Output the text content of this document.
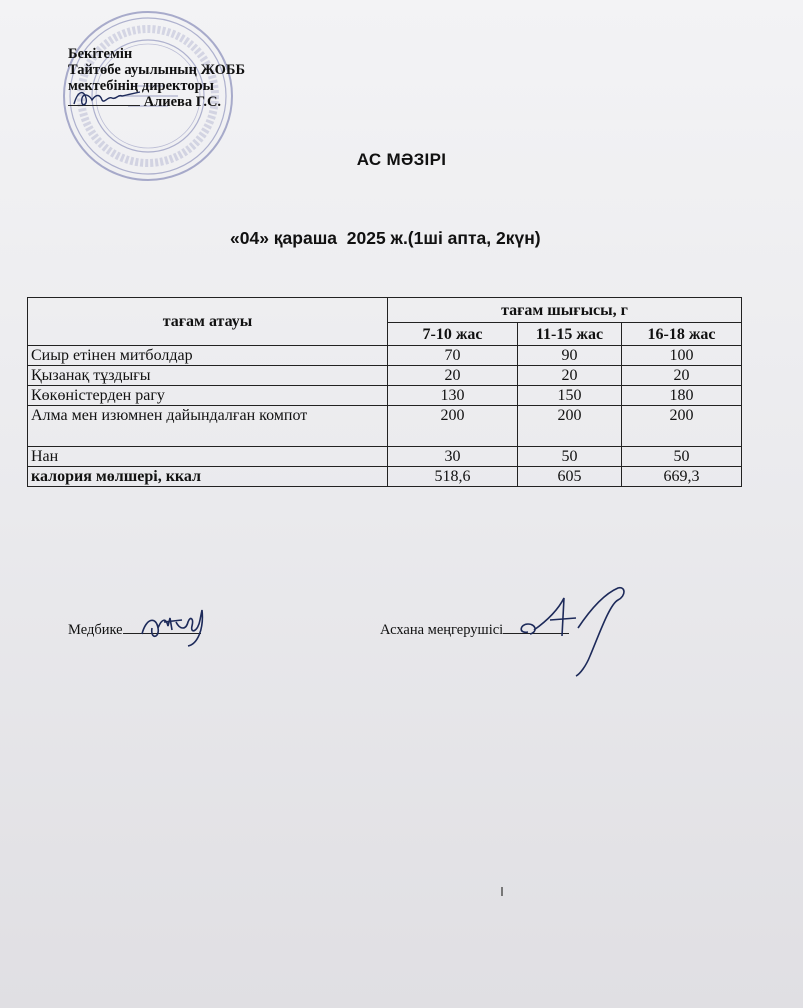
Бекітемін
Тайтөбе ауылының ЖОББ
мектебінің директоры
Алиева Г.С.
АС МӘЗІРІ
«04» қараша  2025 ж.(1ші апта, 2күн)
тағам атауы	тағам шығысы, г		
	7-10 жас	11-15 жас	16-18 жас
Сиыр етінен митболдар	70	90	100
Қызанақ тұздығы	20	20	20
Көкөністерден рагу	130	150	180
Алма мен изюмнен дайындалған компот	200	200	200
Нан	30	50	50
калория мөлшері, ккал	518,6	605	669,3
Медбике	Асхана меңгерушісі
